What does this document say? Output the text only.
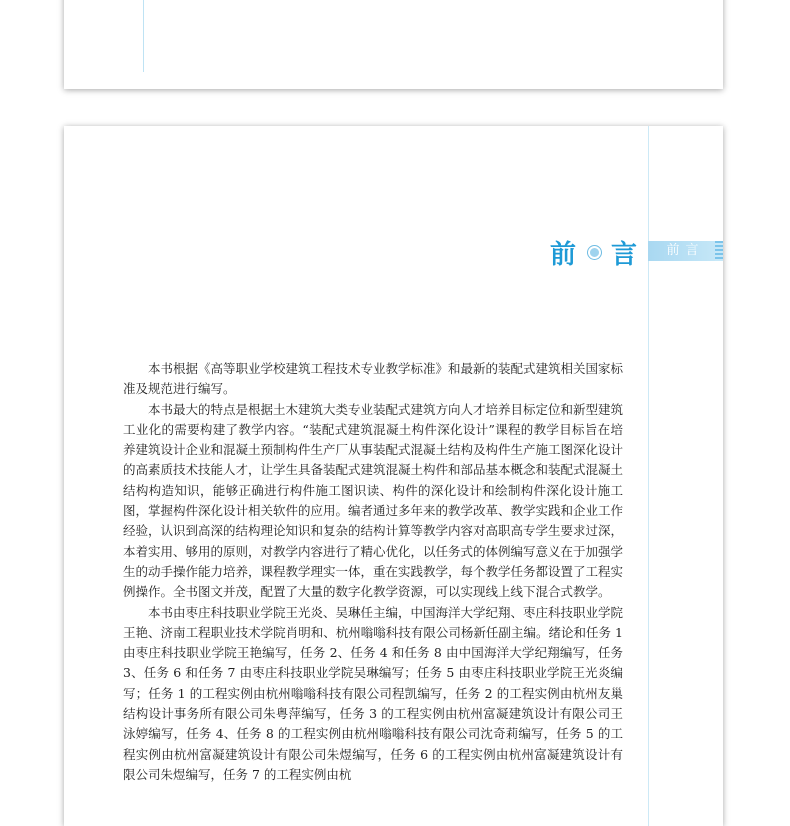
前 言	前言

本书根据《高等职业学校建筑工程技术专业教学标准》和最新的装配式建筑相关国家标准及规范进行编写。

本书最大的特点是根据土木建筑大类专业装配式建筑方向人才培养目标定位和新型建筑工业化的需要构建了教学内容。“装配式建筑混凝土构件深化设计”课程的教学目标旨在培养建筑设计企业和混凝土预制构件生产厂从事装配式混凝土结构及构件生产施工图深化设计的高素质技术技能人才，让学生具备装配式建筑混凝土构件和部品基本概念和装配式混凝土结构构造知识，能够正确进行构件施工图识读、构件的深化设计和绘制构件深化设计施工图，掌握构件深化设计相关软件的应用。编者通过多年来的教学改革、教学实践和企业工作经验，认识到高深的结构理论知识和复杂的结构计算等教学内容对高职高专学生要求过深，本着实用、够用的原则，对教学内容进行了精心优化，以任务式的体例编写意义在于加强学生的动手操作能力培养，课程教学理实一体，重在实践教学，每个教学任务都设置了工程实例操作。全书图文并茂，配置了大量的数字化教学资源，可以实现线上线下混合式教学。

本书由枣庄科技职业学院王光炎、吴琳任主编，中国海洋大学纪翔、枣庄科技职业学院王艳、济南工程职业技术学院肖明和、杭州嗡嗡科技有限公司杨新任副主编。绪论和任务 1 由枣庄科技职业学院王艳编写，任务 2、任务 4 和任务 8 由中国海洋大学纪翔编写，任务 3、任务 6 和任务 7 由枣庄科技职业学院吴琳编写；任务 5 由枣庄科技职业学院王光炎编写；任务 1 的工程实例由杭州嗡嗡科技有限公司程凯编写，任务 2 的工程实例由杭州友巢结构设计事务所有限公司朱粤萍编写，任务 3 的工程实例由杭州富凝建筑设计有限公司王泳婷编写，任务 4、任务 8 的工程实例由杭州嗡嗡科技有限公司沈奇莉编写，任务 5 的工程实例由杭州富凝建筑设计有限公司朱煜编写，任务 6 的工程实例由杭州富凝建筑设计有限公司朱煜编写，任务 7 的工程实例由杭
